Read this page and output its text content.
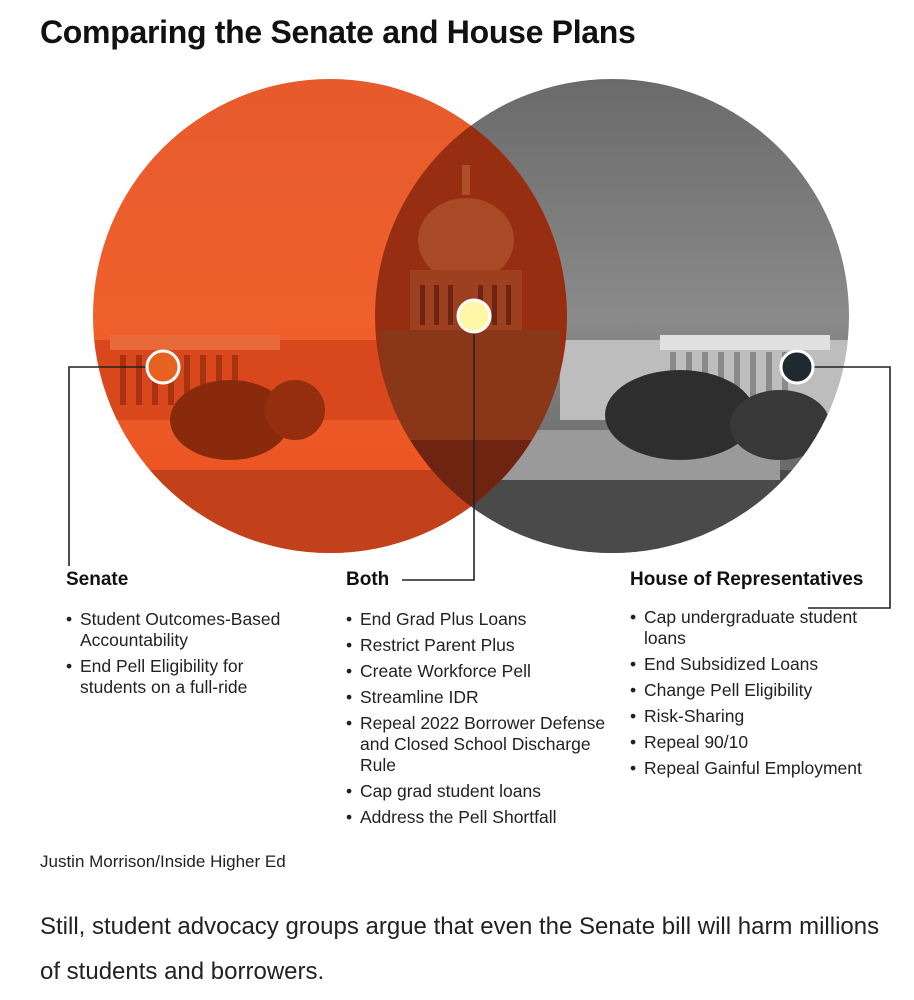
Comparing the Senate and House Plans
Senate
• Student Outcomes-Based Accountability
• End Pell Eligibility for students on a full-ride
Both
• End Grad Plus Loans
• Restrict Parent Plus
• Create Workforce Pell
• Streamline IDR
• Repeal 2022 Borrower Defense and Closed School Discharge Rule
• Cap grad student loans
• Address the Pell Shortfall
House of Representatives
• Cap undergraduate student loans
• End Subsidized Loans
• Change Pell Eligibility
• Risk-Sharing
• Repeal 90/10
• Repeal Gainful Employment
Justin Morrison/Inside Higher Ed

Still, student advocacy groups argue that even the Senate bill will harm millions of students and borrowers.
